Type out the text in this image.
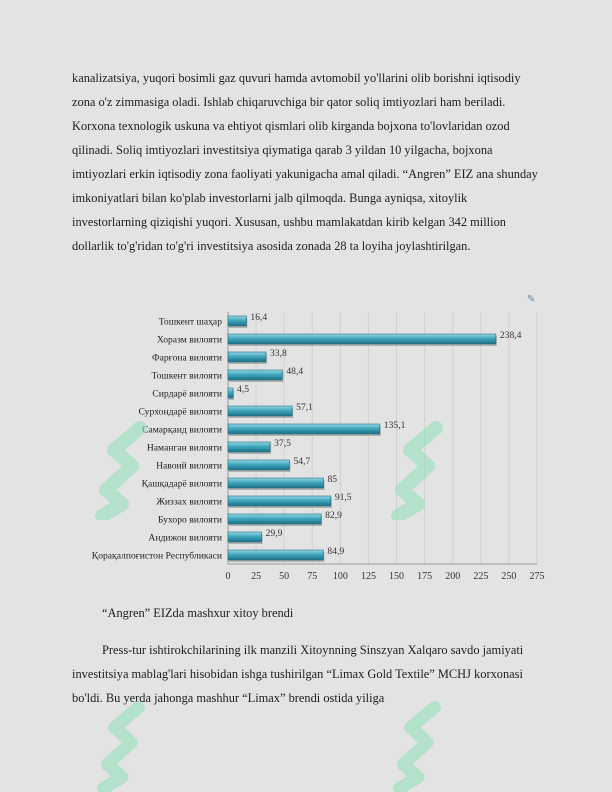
kanalizatsiya, yuqori bosimli gaz quvuri hamda avtomobil yo'llarini olib borishni iqtisodiy zona o'z zimmasiga oladi. Ishlab chiqaruvchiga bir qator soliq imtiyozlari ham beriladi. Korxona texnologik uskuna va ehtiyot qismlari olib kirganda bojxona to'lovlaridan ozod qilinadi. Soliq imtiyozlari investitsiya qiymatiga qarab 3 yildan 10 yilgacha, bojxona imtiyozlari erkin iqtisodiy zona faoliyati yakunigacha amal qiladi. “Angren” EIZ ana shunday imkoniyatlari bilan ko'plab investorlarni jalb qilmoqda. Bunga ayniqsa, xitoylik investorlarning qiziqishi yuqori. Xususan, ushbu mamlakatdan kirib kelgan 342 million dollarlik to'g'ridan to'g'ri investitsiya asosida zonada 28 ta loyiha joylashtirilgan.

✎
0 25 50 75 100 125 150 175 200 225 250 275
Тошкент шаҳар	16,4
Хоразм вилояти	238,4
Фарғона вилояти	33,8
Тошкент вилояти	48,4
Сирдарё вилояти 4,5
Сурхондарё вилояти	57,1
Самарқанд вилояти	135,1
Наманган вилояти	37,5
Навоий вилояти	54,7
Қашқадарё вилояти	85
Жиззах вилояти	91,5
Бухоро вилояти	82,9
Андижон вилояти	29,9
Қорақалпоғистон Республикаси	84,9

“Angren” EIZda mashxur xitoy brendi

Press-tur ishtirokchilarining ilk manzili Xitoynning Sinszyan Xalqaro savdo jamiyati investitsiya mablag'lari hisobidan ishga tushirilgan “Limax Gold Textile” MCHJ korxonasi bo'ldi. Bu yerda jahonga mashhur “Limax” brendi ostida yiliga
